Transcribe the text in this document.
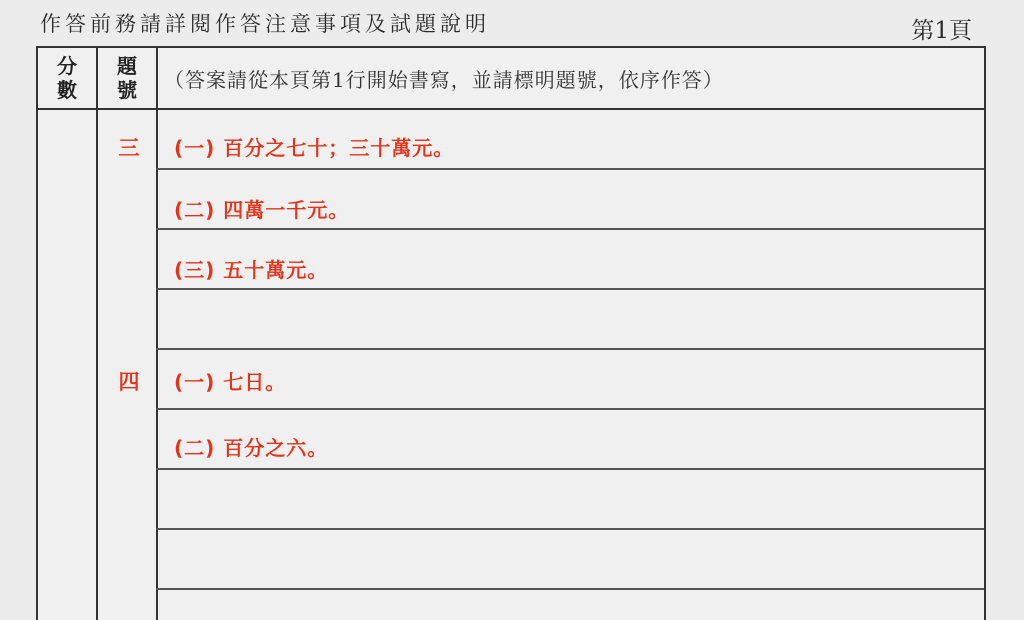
作答前務請詳閱作答注意事項及試題說明	第1頁
分數
題號 （答案請從本頁第1行開始書寫，並請標明題號，依序作答）
三 (一) 百分之七十；三十萬元。
(二) 四萬一千元。
(三) 五十萬元。
四 (一) 七日。
(二) 百分之六。
